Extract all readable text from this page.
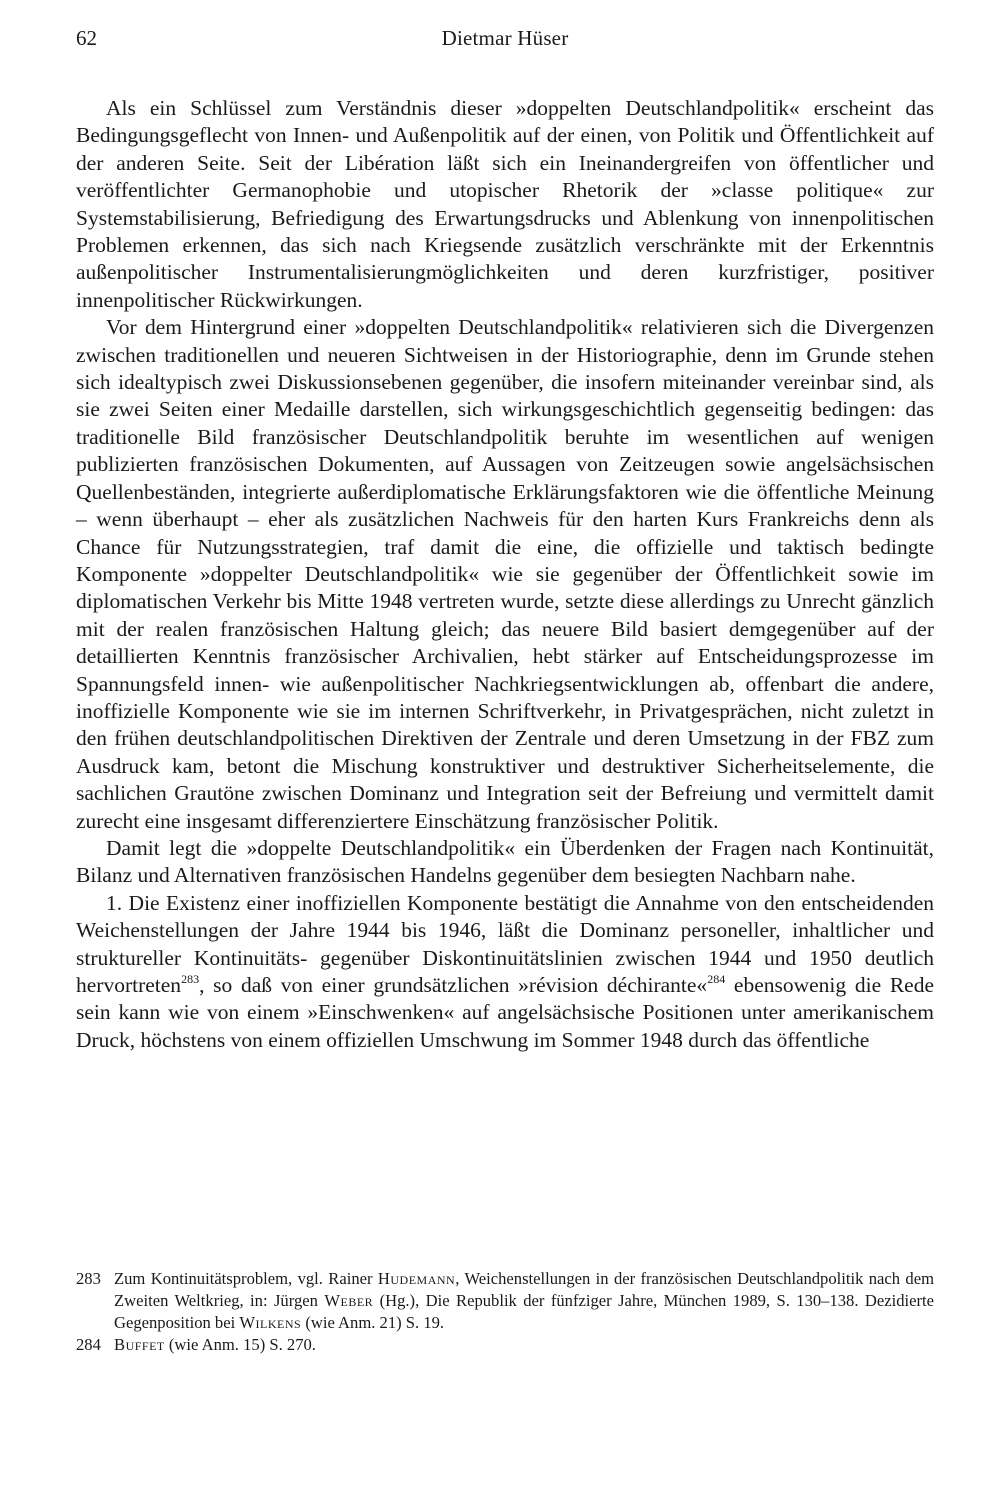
62	Dietmar Hüser

Als ein Schlüssel zum Verständnis dieser »doppelten Deutschlandpolitik« erscheint das Bedingungsgeflecht von Innen- und Außenpolitik auf der einen, von Politik und Öffentlichkeit auf der anderen Seite. Seit der Libération läßt sich ein Ineinandergreifen von öffentlicher und veröffentlichter Germanophobie und utopischer Rhetorik der »classe politique« zur Systemstabilisierung, Befriedigung des Erwartungsdrucks und Ablenkung von innenpolitischen Problemen erkennen, das sich nach Kriegsende zusätzlich verschränkte mit der Erkenntnis außenpolitischer Instrumentalisierungmöglichkeiten und deren kurzfristiger, positiver innenpolitischer Rückwirkungen.

Vor dem Hintergrund einer »doppelten Deutschlandpolitik« relativieren sich die Divergenzen zwischen traditionellen und neueren Sichtweisen in der Historiographie, denn im Grunde stehen sich idealtypisch zwei Diskussionsebenen gegenüber, die insofern miteinander vereinbar sind, als sie zwei Seiten einer Medaille darstellen, sich wirkungsgeschichtlich gegenseitig bedingen: das traditionelle Bild französischer Deutschlandpolitik beruhte im wesentlichen auf wenigen publizierten französischen Dokumenten, auf Aussagen von Zeitzeugen sowie angelsächsischen Quellenbeständen, integrierte außerdiplomatische Erklärungsfaktoren wie die öffentliche Meinung – wenn überhaupt – eher als zusätzlichen Nachweis für den harten Kurs Frankreichs denn als Chance für Nutzungsstrategien, traf damit die eine, die offizielle und taktisch bedingte Komponente »doppelter Deutschlandpolitik« wie sie gegenüber der Öffentlichkeit sowie im diplomatischen Verkehr bis Mitte 1948 vertreten wurde, setzte diese allerdings zu Unrecht gänzlich mit der realen französischen Haltung gleich; das neuere Bild basiert demgegenüber auf der detaillierten Kenntnis französischer Archivalien, hebt stärker auf Entscheidungsprozesse im Spannungsfeld innen- wie außenpolitischer Nachkriegsentwicklungen ab, offenbart die andere, inoffizielle Komponente wie sie im internen Schriftverkehr, in Privatgesprächen, nicht zuletzt in den frühen deutschlandpolitischen Direktiven der Zentrale und deren Umsetzung in der FBZ zum Ausdruck kam, betont die Mischung konstruktiver und destruktiver Sicherheitselemente, die sachlichen Grautöne zwischen Dominanz und Integration seit der Befreiung und vermittelt damit zurecht eine insgesamt differenziertere Einschätzung französischer Politik.

Damit legt die »doppelte Deutschlandpolitik« ein Überdenken der Fragen nach Kontinuität, Bilanz und Alternativen französischen Handelns gegenüber dem besiegten Nachbarn nahe.

1. Die Existenz einer inoffiziellen Komponente bestätigt die Annahme von den entscheidenden Weichenstellungen der Jahre 1944 bis 1946, läßt die Dominanz personeller, inhaltlicher und struktureller Kontinuitäts- gegenüber Diskontinuitätslinien zwischen 1944 und 1950 deutlich hervortreten$^{283}$, so daß von einer grundsätzlichen »révision déchirante«$^{284}$ ebensowenig die Rede sein kann wie von einem »Einschwenken« auf angelsächsische Positionen unter amerikanischem Druck, höchstens von einem offiziellen Umschwung im Sommer 1948 durch das öffentliche

283 Zum Kontinuitätsproblem, vgl. Rainer Hudemann, Weichenstellungen in der französischen Deutschlandpolitik nach dem Zweiten Weltkrieg, in: Jürgen Weber (Hg.), Die Republik der fünfziger Jahre, München 1989, S. 130–138. Dezidierte Gegenposition bei Wilkens (wie Anm. 21) S. 19.
284 Buffet (wie Anm. 15) S. 270.
